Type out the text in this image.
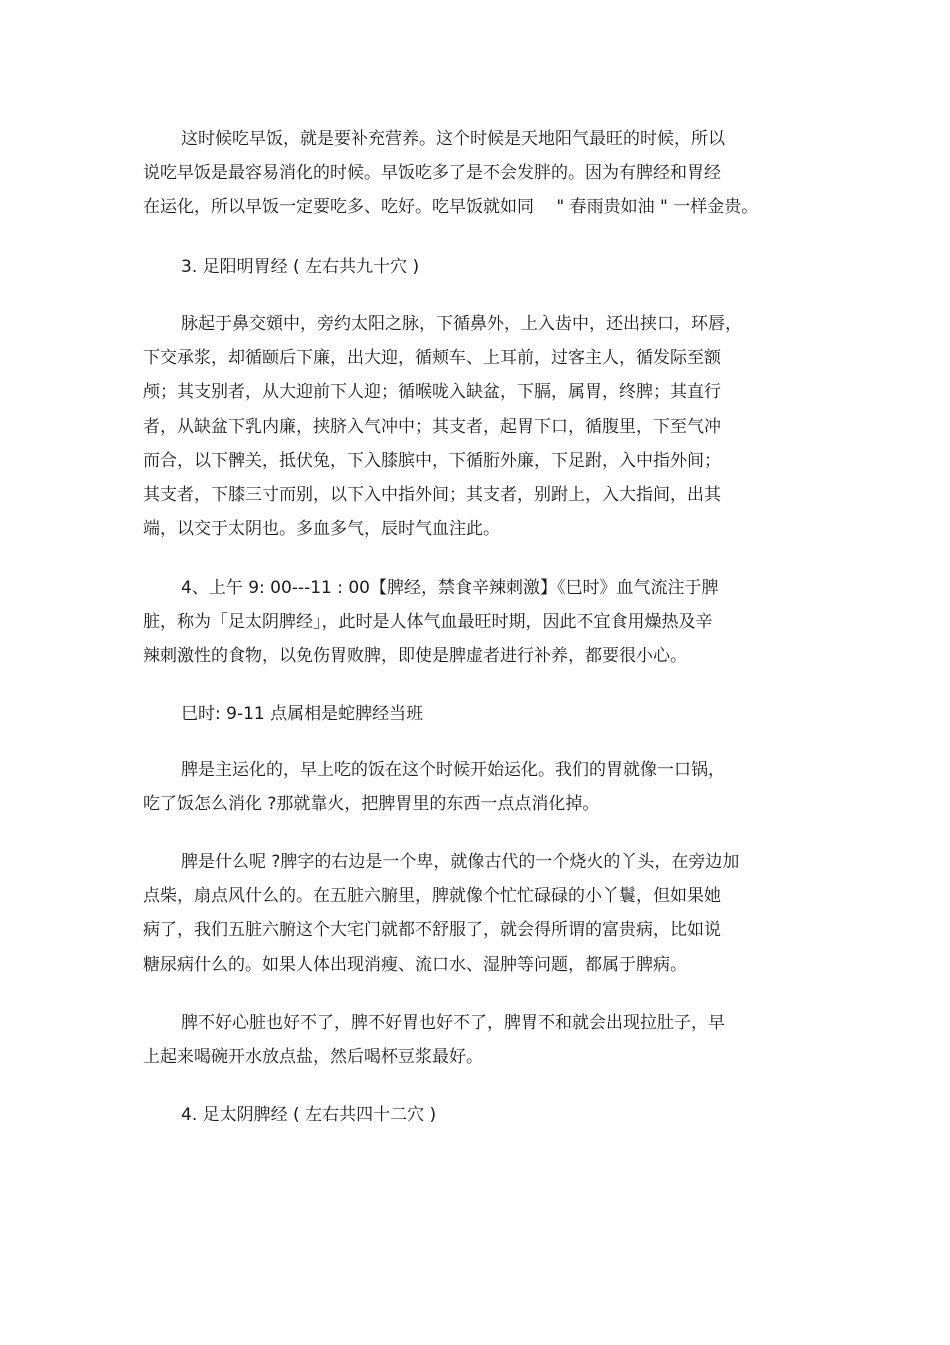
这时候吃早饭，就是要补充营养。这个时候是天地阳气最旺的时候，所以
说吃早饭是最容易消化的时候。早饭吃多了是不会发胖的。因为有脾经和胃经
在运化，所以早饭一定要吃多、吃好。吃早饭就如同　 " 春雨贵如油 " 一样金贵。
3. 足阳明胃经 ( 左右共九十穴 )
脉起于鼻交頞中，旁约太阳之脉，下循鼻外，上入齿中，还出挟口，环唇，
下交承浆，却循颐后下廉，出大迎，循颊车、上耳前，过客主人，循发际至额
颅；其支别者，从大迎前下人迎；循喉咙入缺盆，下膈，属胃，终脾；其直行
者，从缺盆下乳内廉，挟脐入气冲中；其支者，起胃下口，循腹里，下至气冲
而合，以下髀关，抵伏兔，下入膝膑中，下循胻外廉，下足跗，入中指外间；
其支者，下膝三寸而别，以下入中指外间；其支者，别跗上，入大指间，出其
端，以交于太阴也。多血多气，辰时气血注此。
4、上午 9: 00---11 : 00【脾经，禁食辛辣刺激】《巳时》血气流注于脾
脏，称为「足太阴脾经」，此时是人体气血最旺时期，因此不宜食用燥热及辛
辣刺激性的食物，以免伤胃败脾，即使是脾虚者进行补养，都要很小心。
巳时: 9-11 点属相是蛇脾经当班
脾是主运化的，早上吃的饭在这个时候开始运化。我们的胃就像一口锅，
吃了饭怎么消化 ?那就靠火，把脾胃里的东西一点点消化掉。
脾是什么呢 ?脾字的右边是一个卑，就像古代的一个烧火的丫头，在旁边加
点柴，扇点风什么的。在五脏六腑里，脾就像个忙忙碌碌的小丫鬟，但如果她
病了，我们五脏六腑这个大宅门就都不舒服了，就会得所谓的富贵病，比如说
糖尿病什么的。如果人体出现消瘦、流口水、湿肿等问题，都属于脾病。
脾不好心脏也好不了，脾不好胃也好不了，脾胃不和就会出现拉肚子，早
上起来喝碗开水放点盐，然后喝杯豆浆最好。
4. 足太阴脾经 ( 左右共四十二穴 )
